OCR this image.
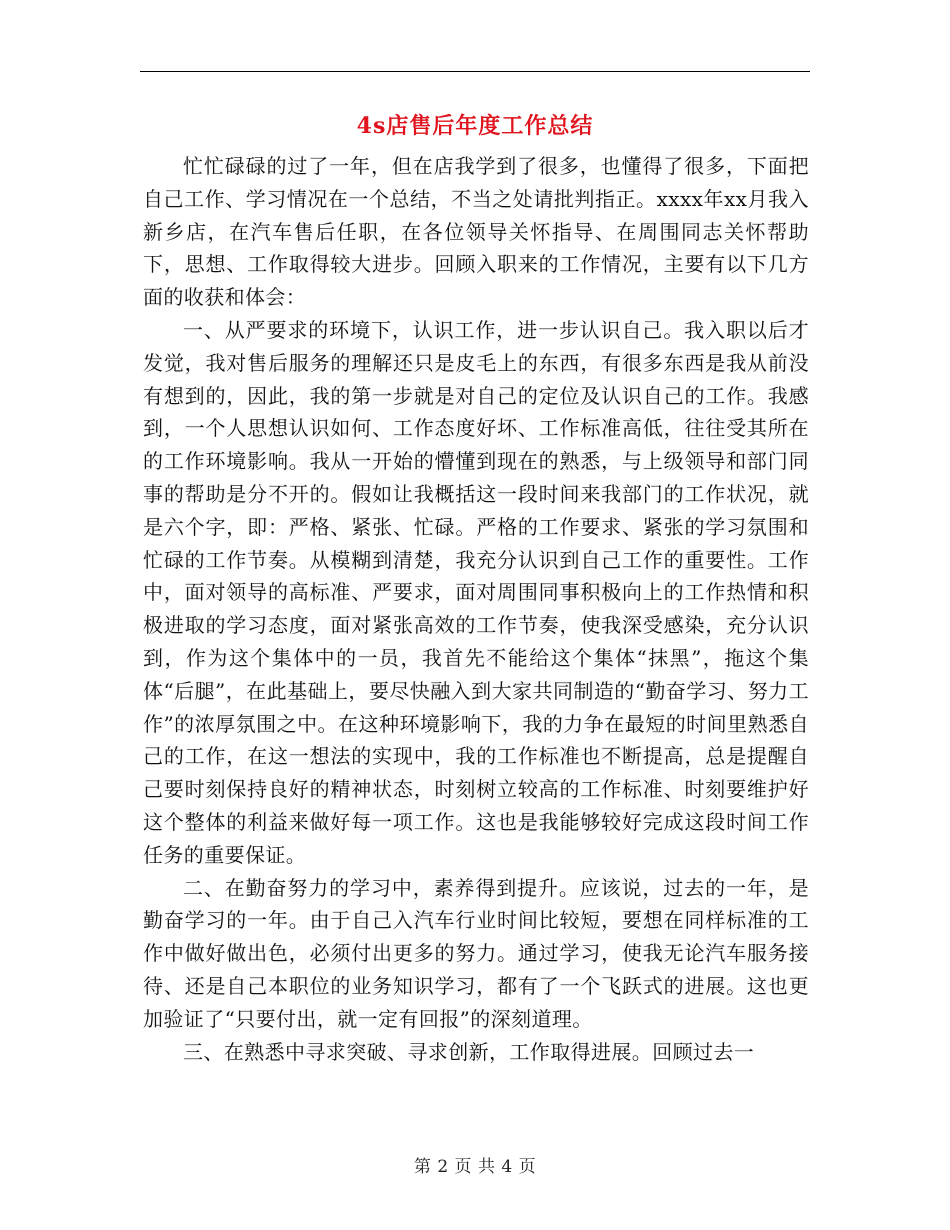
4s店售后年度工作总结

忙忙碌碌的过了一年，但在店我学到了很多，也懂得了很多，下面把自己工作、学习情况在一个总结，不当之处请批判指正。xxxx年xx月我入新乡店，在汽车售后任职，在各位领导关怀指导、在周围同志关怀帮助下，思想、工作取得较大进步。回顾入职来的工作情况，主要有以下几方面的收获和体会：

一、从严要求的环境下，认识工作，进一步认识自己。我入职以后才发觉，我对售后服务的理解还只是皮毛上的东西，有很多东西是我从前没有想到的，因此，我的第一步就是对自己的定位及认识自己的工作。我感到，一个人思想认识如何、工作态度好坏、工作标准高低，往往受其所在的工作环境影响。我从一开始的懵懂到现在的熟悉，与上级领导和部门同事的帮助是分不开的。假如让我概括这一段时间来我部门的工作状况，就是六个字，即：严格、紧张、忙碌。严格的工作要求、紧张的学习氛围和忙碌的工作节奏。从模糊到清楚，我充分认识到自己工作的重要性。工作中，面对领导的高标准、严要求，面对周围同事积极向上的工作热情和积极进取的学习态度，面对紧张高效的工作节奏，使我深受感染，充分认识到，作为这个集体中的一员，我首先不能给这个集体“抹黑”，拖这个集体“后腿”，在此基础上，要尽快融入到大家共同制造的“勤奋学习、努力工作”的浓厚氛围之中。在这种环境影响下，我的力争在最短的时间里熟悉自己的工作，在这一想法的实现中，我的工作标准也不断提高，总是提醒自己要时刻保持良好的精神状态，时刻树立较高的工作标准、时刻要维护好这个整体的利益来做好每一项工作。这也是我能够较好完成这段时间工作任务的重要保证。

二、在勤奋努力的学习中，素养得到提升。应该说，过去的一年，是勤奋学习的一年。由于自己入汽车行业时间比较短，要想在同样标准的工作中做好做出色，必须付出更多的努力。通过学习，使我无论汽车服务接待、还是自己本职位的业务知识学习，都有了一个飞跃式的进展。这也更加验证了“只要付出，就一定有回报”的深刻道理。

三、在熟悉中寻求突破、寻求创新，工作取得进展。回顾过去一

第 2 页 共 4 页
